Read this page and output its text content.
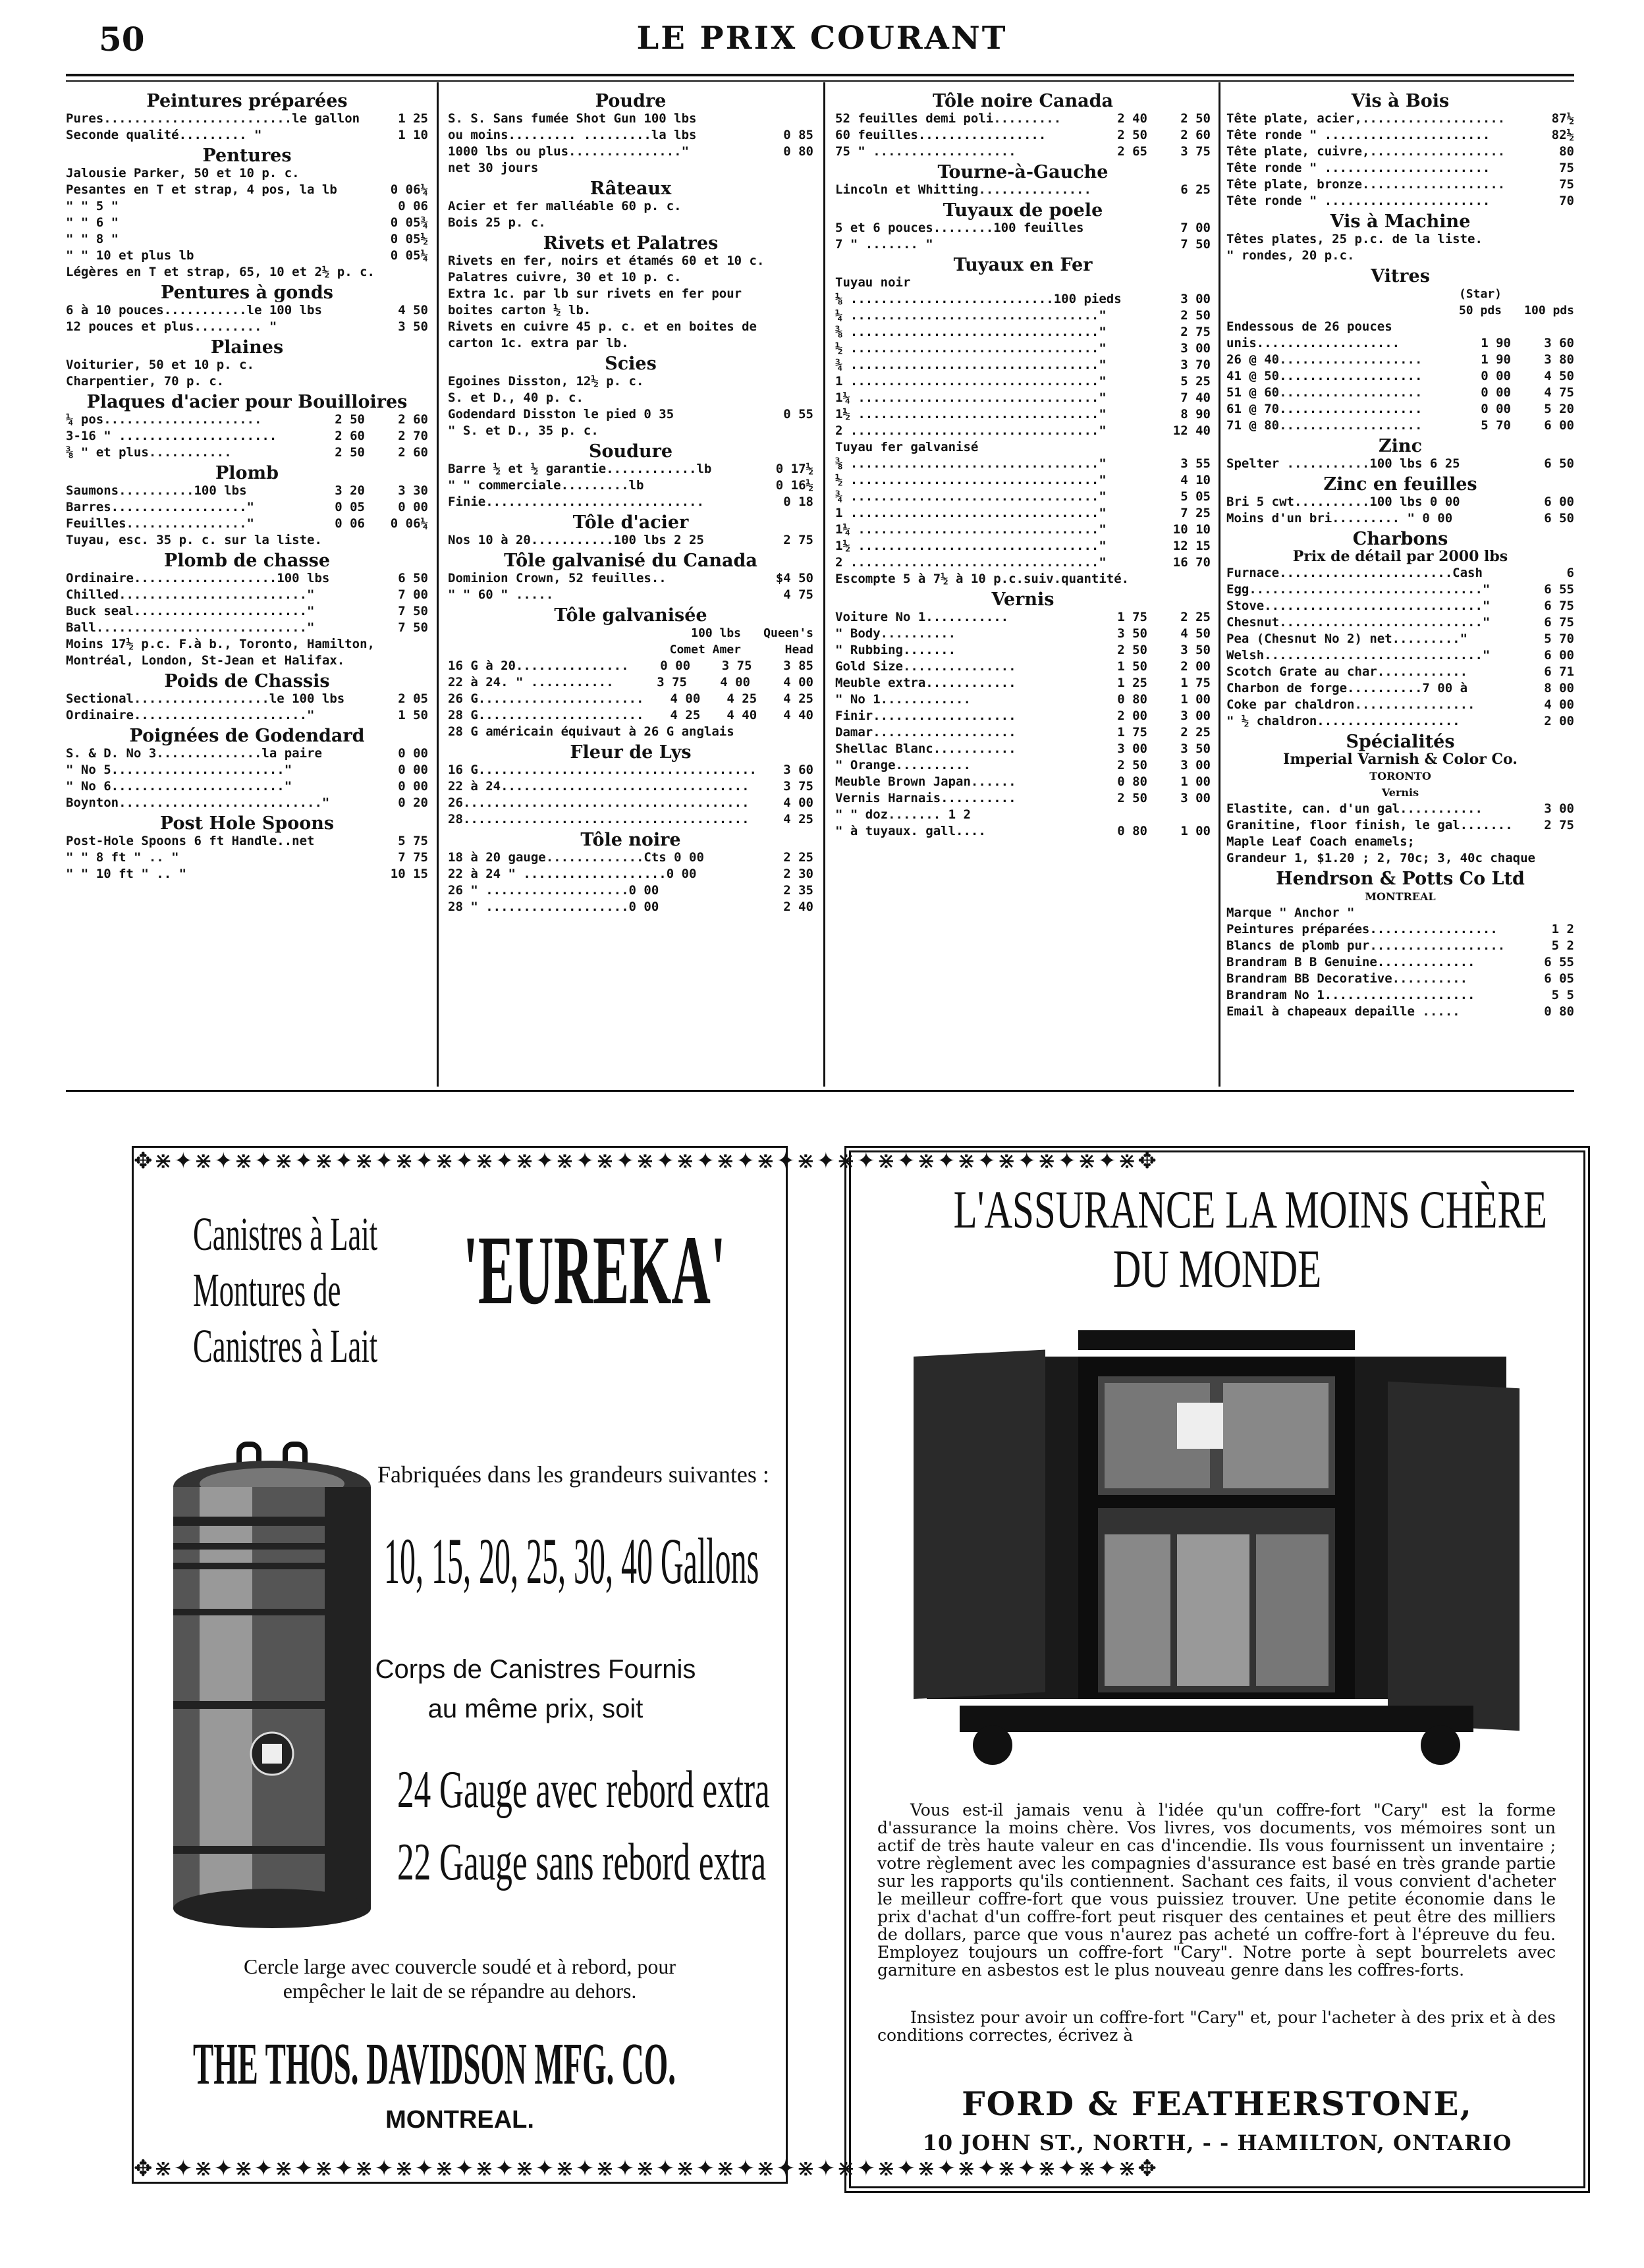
50	LE PRIX COURANT
Peintures préparées
Pures.........................le gallon	1 25
Seconde qualité......... "	1 10
Pentures
Jalousie Parker, 50 et 10 p. c.
Pesantes en T et strap, 4 pos, la lb	0 06¼
" " 5 "	0 06
" " 6 "	0 05¾
" " 8 "	0 05½
" " 10 et plus lb	0 05¼
Légères en T et strap, 65, 10 et 2½ p. c.
Pentures à gonds
6 à 10 pouces...........le 100 lbs	4 50
12 pouces et plus......... "	3 50
Plaines
Voiturier, 50 et 10 p. c.
Charpentier, 70 p. c.
Plaques d'acier pour Bouilloires
¼ pos.....................	2 50	2 60
3-16 " .....................	2 60	2 70
⅜ " et plus...........	2 50	2 60
Plomb
Saumons..........100 lbs	3 20	3 30
Barres.................."	0 05	0 00
Feuilles................"	0 06	0 06¼
Tuyau, esc. 35 p. c. sur la liste.
Plomb de chasse
Ordinaire...................100 lbs	6 50
Chilled........................."	7 00
Buck seal......................."	7 50
Ball............................"	7 50
Moins 17½ p.c. F.à b., Toronto, Hamilton,
Montréal, London, St-Jean et Halifax.
Poids de Chassis
Sectional..................le 100 lbs	2 05
Ordinaire......................."	1 50
Poignées de Godendard
S. & D. No 3..............la paire	0 00
" No 5......................."	0 00
" No 6......................."	0 00
Boynton..........................."	0 20
Post Hole Spoons
Post-Hole Spoons 6 ft Handle..net	5 75
" " 8 ft " .. "	7 75
" " 10 ft " .. "	10 15
Poudre
S. S. Sans fumée Shot Gun 100 lbs
ou moins......... .........la lbs	0 85
1000 lbs ou plus..............."	0 80
net 30 jours
Râteaux
Acier et fer malléable 60 p. c.
Bois 25 p. c.
Rivets et Palatres
Rivets en fer, noirs et étamés 60 et 10 c.
Palatres cuivre, 30 et 10 p. c.
Extra 1c. par lb sur rivets en fer pour
boites carton ½ lb.
Rivets en cuivre 45 p. c. et en boites de
carton 1c. extra par lb.
Scies
Egoines Disston, 12½ p. c.
S. et D., 40 p. c.
Godendard Disston le pied 0 35	0 55
" S. et D., 35 p. c.
Soudure
Barre ½ et ½ garantie............lb	0 17½
" " commerciale.........lb	0 16½
Finie.............................	0 18
Tôle d'acier
Nos 10 à 20...........100 lbs 2 25	2 75
Tôle galvanisé du Canada
Dominion Crown, 52 feuilles..	$4 50
" " 60 " .....	4 75
Tôle galvanisée
100 lbs	Queen's
Comet Amer	Head
16 G à 20...............	0 00	3 75	3 85
22 à 24. " ...........	3 75	4 00	4 00
26 G......................	4 00	4 25	4 25
28 G......................	4 25	4 40	4 40
28 G américain équivaut à 26 G anglais
Fleur de Lys
16 G.....................................	3 60
22 à 24.................................	3 75
26......................................	4 00
28......................................	4 25
Tôle noire
18 à 20 gauge.............Cts 0 00	2 25
22 à 24 " ...................0 00	2 30
26 " ...................0 00	2 35
28 " ...................0 00	2 40
Tôle noire Canada
52 feuilles demi poli.........	2 40	2 50
60 feuilles.................	2 50	2 60
75 " ...................	2 65	3 75
Tourne-à-Gauche
Lincoln et Whitting...............	6 25
Tuyaux de poele
5 et 6 pouces........100 feuilles	7 00
7 " ....... "	7 50
Tuyaux en Fer
Tuyau noir
⅛ ...........................100 pieds	3 00
¼ ................................."	2 50
⅜ ................................."	2 75
½ ................................."	3 00
¾ ................................."	3 70
1 ................................."	5 25
1¼ ................................"	7 40
1½ ................................"	8 90
2 ................................."	12 40
Tuyau fer galvanisé
⅜ ................................."	3 55
½ ................................."	4 10
¾ ................................."	5 05
1 ................................."	7 25
1¼ ................................"	10 10
1½ ................................"	12 15
2 ................................."	16 70
Escompte 5 à 7½ à 10 p.c.suiv.quantité.
Vernis
Voiture No 1...........	1 75	2 25
" Body..........	3 50	4 50
" Rubbing.......	2 50	3 50
Gold Size...............	1 50	2 00
Meuble extra............	1 25	1 75
" No 1............	0 80	1 00
Finir...................	2 00	3 00
Damar...................	1 75	2 25
Shellac Blanc...........	3 00	3 50
" Orange..........	2 50	3 00
Meuble Brown Japan......	0 80	1 00
Vernis Harnais..........	2 50	3 00
" " doz....... 1 2
" à tuyaux. gall....	0 80	1 00
Vis à Bois
Tête plate, acier,...................	87½
Tête ronde " ......................	82½
Tête plate, cuivre,..................	80
Tête ronde " ......................	75
Tête plate, bronze...................	75
Tête ronde " ......................	70
Vis à Machine
Têtes plates, 25 p.c. de la liste.
" rondes, 20 p.c.
Vitres
(Star)
50 pds	100 pds
Endessous de 26 pouces
unis...................	1 90	3 60
26 @ 40...................	1 90	3 80
41 @ 50...................	0 00	4 50
51 @ 60...................	0 00	4 75
61 @ 70...................	0 00	5 20
71 @ 80...................	5 70	6 00
Zinc
Spelter ...........100 lbs 6 25	6 50
Zinc en feuilles
Bri 5 cwt..........100 lbs 0 00	6 00
Moins d'un bri......... " 0 00	6 50
Charbons
Prix de détail par 2000 lbs
Furnace.......................Cash	6
Egg..............................."	6 55
Stove............................."	6 75
Chesnut..........................."	6 75
Pea (Chesnut No 2) net........."	5 70
Welsh............................."	6 00
Scotch Grate au char............	6 71
Charbon de forge..........7 00 à	8 00
Coke par chaldron................	4 00
" ½ chaldron...................	2 00
Spécialités
Imperial Varnish & Color Co.
TORONTO
Vernis
Elastite, can. d'un gal...........	3 00
Granitine, floor finish, le gal.......	2 75
Maple Leaf Coach enamels;
Grandeur 1, $1.20 ; 2, 70c; 3, 40c chaque
Hendrson & Potts Co Ltd
MONTREAL
Marque " Anchor "
Peintures préparées.................	1 2
Blancs de plomb pur..................	5 2
Brandram B B Genuine.............	6 55
Brandram BB Decorative..........	6 05
Brandram No 1....................	5 5
Email à chapeaux depaille .....	0 80
✥⋇✦⋇✦⋇✦⋇✦⋇✦⋇✦⋇✦⋇✦⋇✦⋇✦⋇✦⋇✦⋇✦⋇✦⋇✦⋇✦⋇✦⋇✦⋇✦⋇✦⋇✦⋇✦⋇✦⋇✦⋇✥
✥⋇✦⋇✦⋇✦⋇✦⋇✦⋇✦⋇✦⋇✦⋇✦⋇✦⋇✦⋇✦⋇✦⋇✦⋇✦⋇✦⋇✦⋇✦⋇✦⋇✦⋇✦⋇✦⋇✦⋇✦⋇✥
Canistres à Lait
Montures de
Canistres à Lait
'EUREKA'
Fabriquées dans les grandeurs suivantes :
10, 15, 20, 25, 30, 40 Gallons
Corps de Canistres Fournis
au même prix, soit
24 Gauge avec rebord extra
22 Gauge sans rebord extra
Cercle large avec couvercle soudé et à rebord, pour
empêcher le lait de se répandre au dehors.
THE THOS. DAVIDSON MFG. CO.
MONTREAL.
L'ASSURANCE LA MOINS CHÈRE
DU MONDE
Vous est-il jamais venu à l'idée qu'un coffre-fort "Cary" est la forme d'assurance la moins chère. Vos livres, vos documents, vos mémoires sont un actif de très haute valeur en cas d'incendie. Ils vous fournissent un inventaire ; votre règlement avec les compagnies d'assurance est basé en très grande partie sur les rapports qu'ils contiennent. Sachant ces faits, il vous convient d'acheter le meilleur coffre-fort que vous puissiez trouver. Une petite économie dans le prix d'achat d'un coffre-fort peut risquer des centaines et peut être des milliers de dollars, parce que vous n'aurez pas acheté un coffre-fort à l'épreuve du feu. Employez toujours un coffre-fort "Cary". Notre porte à sept bourrelets avec garniture en asbestos est le plus nouveau genre dans les coffres-forts.
Insistez pour avoir un coffre-fort "Cary" et, pour l'acheter à des prix et à des conditions correctes, écrivez à
FORD & FEATHERSTONE,
10 JOHN ST., NORTH, - - HAMILTON, ONTARIO
